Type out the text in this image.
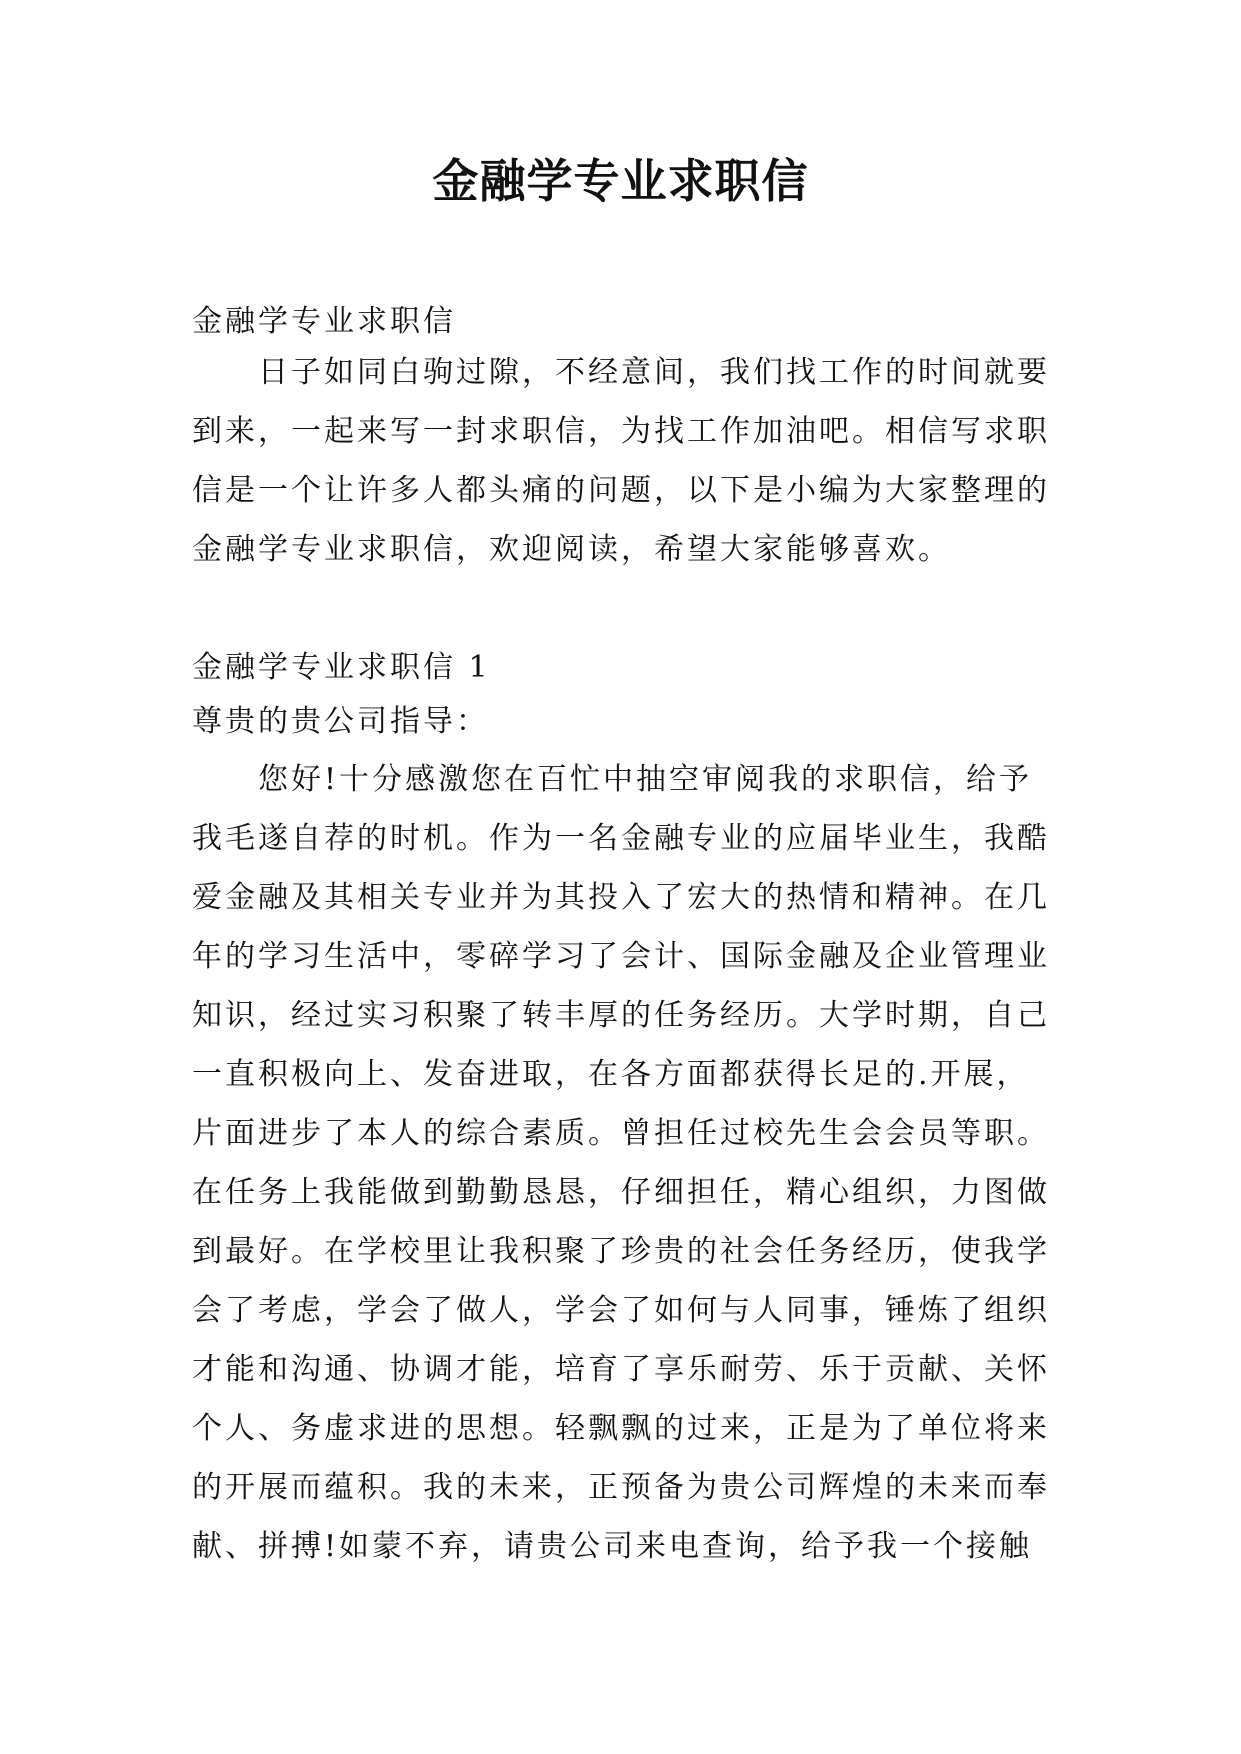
金融学专业求职信
金融学专业求职信
日子如同白驹过隙，不经意间，我们找工作的时间就要
到来，一起来写一封求职信，为找工作加油吧。相信写求职
信是一个让许多人都头痛的问题，以下是小编为大家整理的
金融学专业求职信，欢迎阅读，希望大家能够喜欢。
金融学专业求职信 1
尊贵的贵公司指导：
您好!十分感激您在百忙中抽空审阅我的求职信，给予
我毛遂自荐的时机。作为一名金融专业的应届毕业生，我酷
爱金融及其相关专业并为其投入了宏大的热情和精神。在几
年的学习生活中，零碎学习了会计、国际金融及企业管理业
知识，经过实习积聚了转丰厚的任务经历。大学时期，自己
一直积极向上、发奋进取，在各方面都获得长足的.开展，
片面进步了本人的综合素质。曾担任过校先生会会员等职。
在任务上我能做到勤勤恳恳，仔细担任，精心组织，力图做
到最好。在学校里让我积聚了珍贵的社会任务经历，使我学
会了考虑，学会了做人，学会了如何与人同事，锤炼了组织
才能和沟通、协调才能，培育了享乐耐劳、乐于贡献、关怀
个人、务虚求进的思想。轻飘飘的过来，正是为了单位将来
的开展而蕴积。我的未来，正预备为贵公司辉煌的未来而奉
献、拼搏!如蒙不弃，请贵公司来电查询，给予我一个接触
